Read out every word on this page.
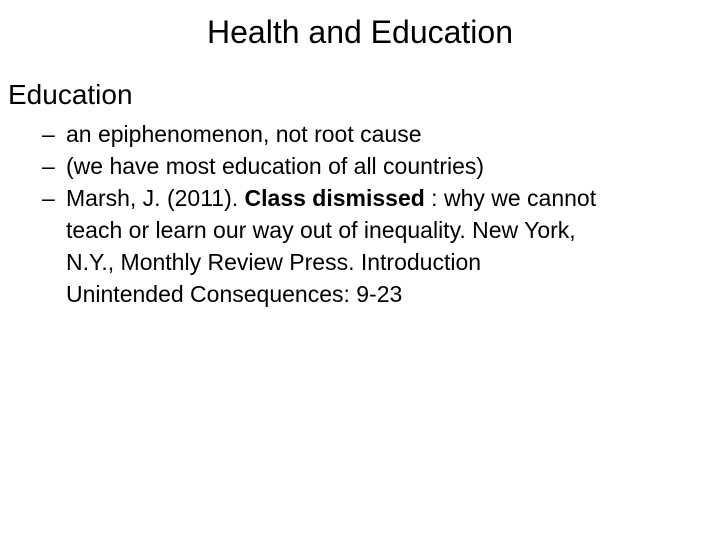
Health and Education
Education
– an epiphenomenon, not root cause
– (we have most education of all countries)
– Marsh, J. (2011). Class dismissed : why we cannot
teach or learn our way out of inequality. New York,
N.Y., Monthly Review Press. Introduction
Unintended Consequences: 9-23
